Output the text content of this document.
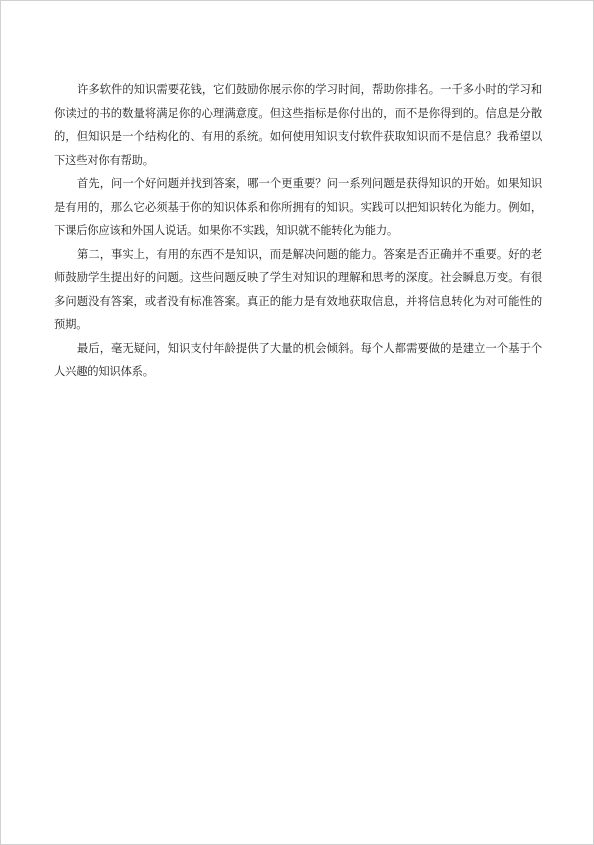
许多软件的知识需要花钱，它们鼓励你展示你的学习时间，帮助你排名。一千多小时的学习和你读过的书的数量将满足你的心理满意度。但这些指标是你付出的，而不是你得到的。信息是分散的，但知识是一个结构化的、有用的系统。如何使用知识支付软件获取知识而不是信息？我希望以下这些对你有帮助。

首先，问一个好问题并找到答案，哪一个更重要？问一系列问题是获得知识的开始。如果知识是有用的，那么它必须基于你的知识体系和你所拥有的知识。实践可以把知识转化为能力。例如，下课后你应该和外国人说话。如果你不实践，知识就不能转化为能力。

第二，事实上，有用的东西不是知识，而是解决问题的能力。答案是否正确并不重要。好的老师鼓励学生提出好的问题。这些问题反映了学生对知识的理解和思考的深度。社会瞬息万变。有很多问题没有答案，或者没有标准答案。真正的能力是有效地获取信息，并将信息转化为对可能性的预期。

最后，毫无疑问，知识支付年龄提供了大量的机会倾斜。每个人都需要做的是建立一个基于个人兴趣的知识体系。
